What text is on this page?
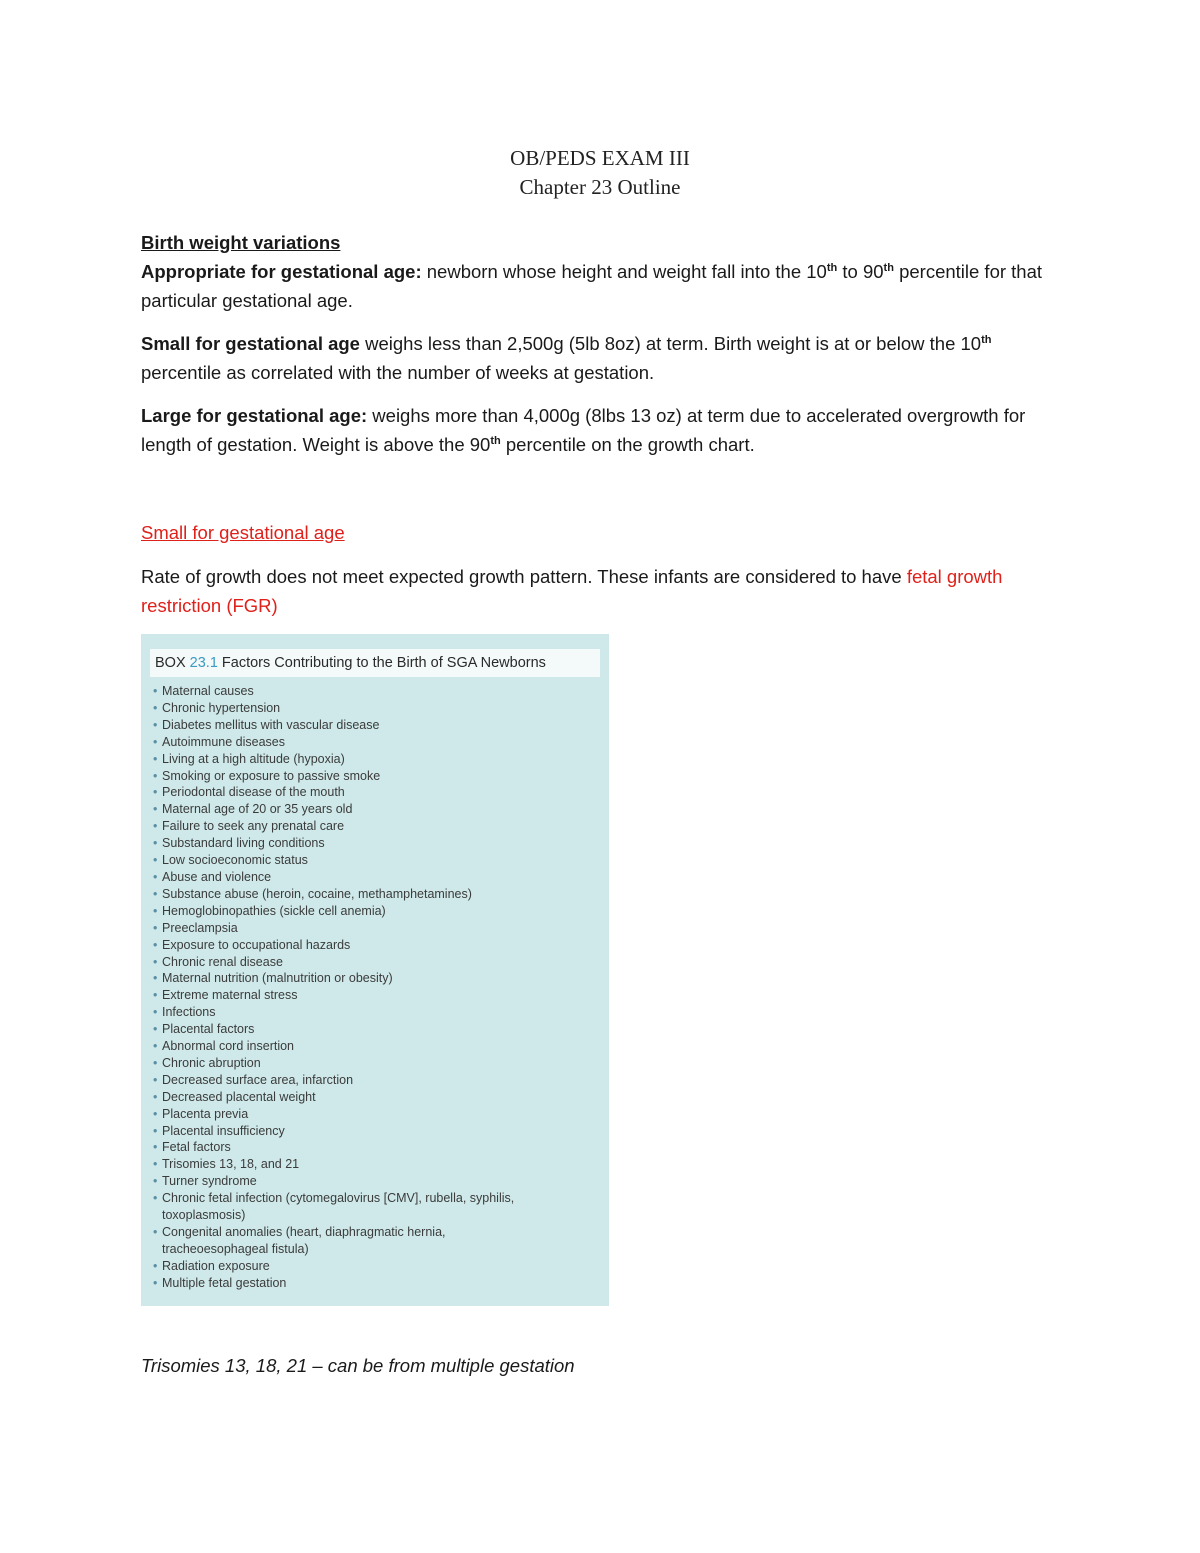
OB/PEDS EXAM III
Chapter 23 Outline
Birth weight variations
Appropriate for gestational age: newborn whose height and weight fall into the 10th to 90th percentile for that particular gestational age.
Small for gestational age weighs less than 2,500g (5lb 8oz) at term. Birth weight is at or below the 10th percentile as correlated with the number of weeks at gestation.
Large for gestational age: weighs more than 4,000g (8lbs 13 oz) at term due to accelerated overgrowth for length of gestation. Weight is above the 90th percentile on the growth chart.
Small for gestational age
Rate of growth does not meet expected growth pattern. These infants are considered to have fetal growth restriction (FGR)
BOX 23.1 Factors Contributing to the Birth of SGA Newborns
• Maternal causes
• Chronic hypertension
• Diabetes mellitus with vascular disease
• Autoimmune diseases
• Living at a high altitude (hypoxia)
• Smoking or exposure to passive smoke
• Periodontal disease of the mouth
• Maternal age of 20 or 35 years old
• Failure to seek any prenatal care
• Substandard living conditions
• Low socioeconomic status
• Abuse and violence
• Substance abuse (heroin, cocaine, methamphetamines)
• Hemoglobinopathies (sickle cell anemia)
• Preeclampsia
• Exposure to occupational hazards
• Chronic renal disease
• Maternal nutrition (malnutrition or obesity)
• Extreme maternal stress
• Infections
• Placental factors
• Abnormal cord insertion
• Chronic abruption
• Decreased surface area, infarction
• Decreased placental weight
• Placenta previa
• Placental insufficiency
• Fetal factors
• Trisomies 13, 18, and 21
• Turner syndrome
• Chronic fetal infection (cytomegalovirus [CMV], rubella, syphilis,
toxoplasmosis)
• Congenital anomalies (heart, diaphragmatic hernia,
tracheoesophageal fistula)
• Radiation exposure
• Multiple fetal gestation
Trisomies 13, 18, 21 – can be from multiple gestation
